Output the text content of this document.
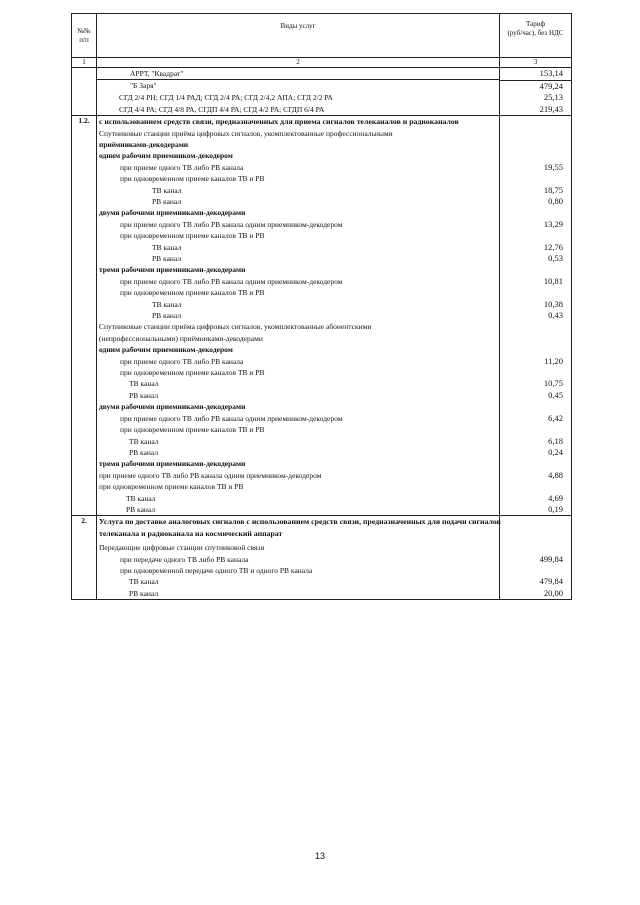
№№
п/п	Виды услуг	Тариф
(руб/час), без НДС
1	2	3

	АРРТ, "Квадрат"	153,14

	"Б Заря"	479,24

	СГД 2/4 РН; СГД 1/4 РАД; СГД 2/4 РА; СГД 2/4,2 АПА; СГД 2/2 РА	25,13

	СГД 4/4 РА; СГД 4/8 РА, СГДП 4/4 РА; СГД 4/2 РА; СГДП 6/4 РА	219,43
1.2.	с использованием средств связи, предназначенных для приема сигналов телеканалов и радиоканалов	

	Спутниковые станции приёма цифровых сигналов, укомплектованные профессиональными	

	приёмниками-декодерами	

	одним рабочим приемником-декодером	

	при приеме одного ТВ либо РВ канала	19,55

	при одновременном приеме каналов ТВ и РВ	

	ТВ канал	18,75

	РВ канал	0,80

	двумя рабочими приемниками-декодерами	

	при приеме одного ТВ либо РВ канала одним приемником-декодером	13,29

	при одновременном приеме каналов ТВ и РВ	

	ТВ канал	12,76

	РВ канал	0,53

	тремя рабочими приемниками-декодерами	

	при приеме одного ТВ либо РВ канала одним приемником-декодером	10,81

	при одновременном приеме каналов ТВ и РВ	

	ТВ канал	10,38

	РВ канал	0,43

	Спутниковые станции приёма цифровых сигналов, укомплектованные абонентскими	

	(непрофессиональными) приёмниками-декодерами	

	одним рабочим приемником-декодером	

	при приеме одного ТВ либо РВ канала	11,20

	при одновременном приеме каналов ТВ и РВ	

	ТВ канал	10,75

	РВ канал	0,45

	двумя рабочими приемниками-декодерами	

	при приеме одного ТВ либо РВ канала одним приемником-декодером	6,42

	при одновременном приеме каналов ТВ и РВ	

	ТВ канал	6,18

	РВ канал	0,24

	тремя рабочими приемниками-декодерами	

	при приеме одного ТВ либо РВ канала одним приемником-декодером	4,88

	при одновременном приеме каналов ТВ и РВ	

	ТВ канал	4,69

	РВ канал	0,19
2.	Услуга по доставке аналоговых сигналов с использованием средств связи, предназначенных для подачи сигналов	

	телеканала и радиоканала на космический аппарат	

	Передающие цифровые станции спутниковой связи	

	при передаче одного ТВ либо РВ канала	499,84

	при одновременной передаче одного ТВ и одного РВ канала	

	ТВ канал	479,84

	РВ канал	20,00
13
